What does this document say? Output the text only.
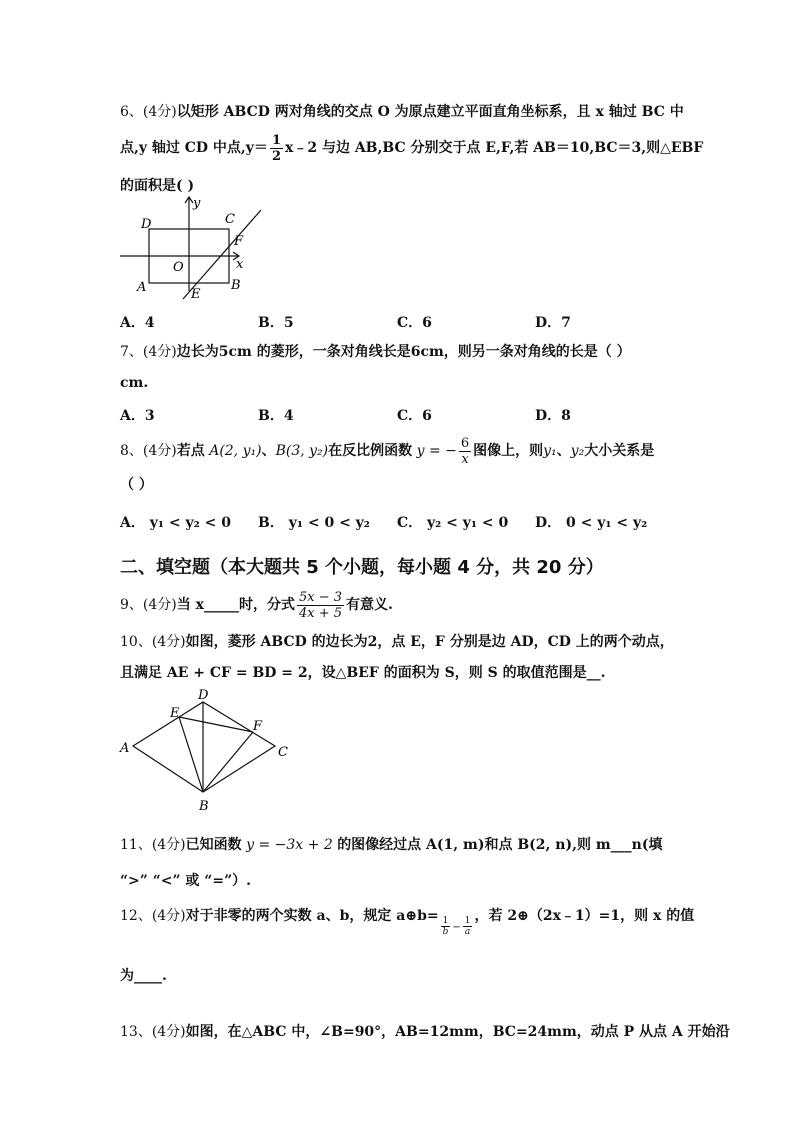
6、(4分)以矩形 ABCD 两对角线的交点 O 为原点建立平面直角坐标系，且 x 轴过 BC 中
点,y 轴过 CD 中点$,y= \frac{1}{2}$ x﹣2 与边 AB,BC 分别交于点 E,F,若 AB＝10,BC＝3,则△EBF
的面积是( )
D	C
y
F
O	x
A	E
B
A．4	B．5	C．6	D．7
7、(4分)边长为5cm 的菱形，一条对角线长是6cm，则另一条对角线的长是（ ）
cm.
A．3	B．4	C．6	D．8
8、(4分)若点 A(2, y₁)、B(3, y₂)在反比例函数 y = − $\frac{6}{x}$ 图像上，则y₁、y₂大小关系是
（ ）
A． y₁ < y₂ < 0 B． y₁ < 0 < y₂ C． y₂ < y₁ < 0 D． 0 < y₁ < y₂
二、填空题（本大题共 5 个小题，每小题 4 分，共 20 分）
9、(4分)当 x_____时，分式 $\frac{5x - 3}{4x + 5}$ 有意义.
10、(4分)如图，菱形 ABCD 的边长为2，点 E，F 分别是边 AD，CD 上的两个动点，
且满足 AE + CF = BD = 2，设△BEF 的面积为 S，则 S 的取值范围是__.
D
E
F
A	C
B
11、(4分)已知函数 y = −3x + 2 的图像经过点 A(1, m)和点 B(2, n),则 m___n(填
“>” “<” 或 “=”）.
12、(4分)对于非零的两个实数 a、b，规定 a⊕b= $\frac{1}{b} _- \frac{1}{a}$ ，若 2⊕（2x﹣1）=1，则 x 的值
为____.
13、(4分)如图，在△ABC 中，∠B=90°，AB=12mm，BC=24mm，动点 P 从点 A 开始沿
